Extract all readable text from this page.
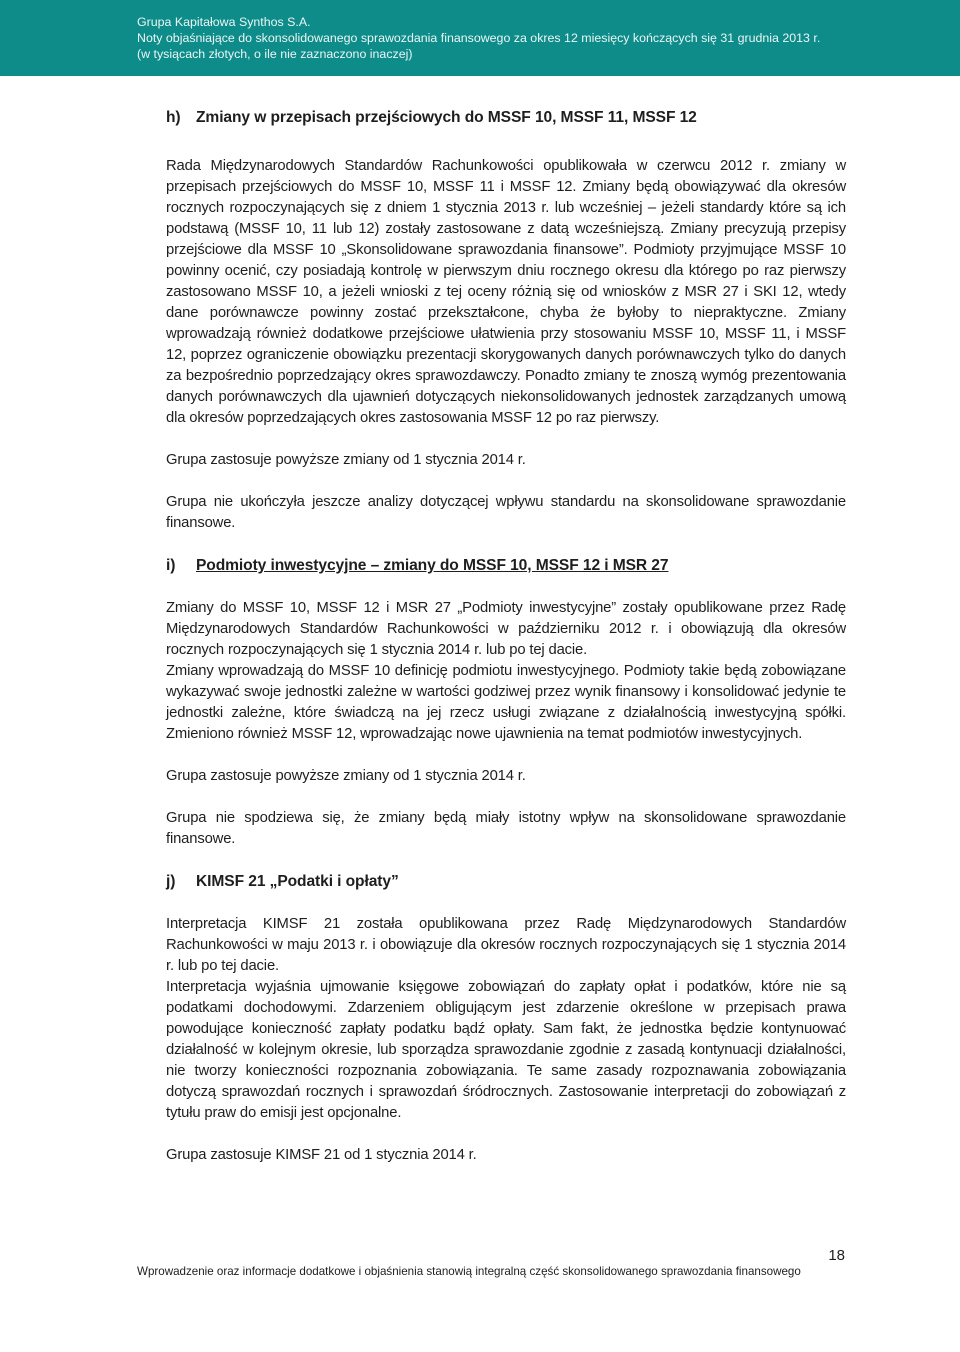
Grupa Kapitałowa Synthos S.A.
Noty objaśniające do skonsolidowanego sprawozdania finansowego za okres 12 miesięcy kończących się 31 grudnia 2013 r.
(w tysiącach złotych, o ile nie zaznaczono inaczej)

h) Zmiany w przepisach przejściowych do MSSF 10, MSSF 11, MSSF 12

Rada Międzynarodowych Standardów Rachunkowości opublikowała w czerwcu 2012 r. zmiany w przepisach przejściowych do MSSF 10, MSSF 11 i MSSF 12. Zmiany będą obowiązywać dla okresów rocznych rozpoczynających się z dniem 1 stycznia 2013 r. lub wcześniej – jeżeli standardy które są ich podstawą (MSSF 10, 11 lub 12) zostały zastosowane z datą wcześniejszą. Zmiany precyzują przepisy przejściowe dla MSSF 10 „Skonsolidowane sprawozdania finansowe”. Podmioty przyjmujące MSSF 10 powinny ocenić, czy posiadają kontrolę w pierwszym dniu rocznego okresu dla którego po raz pierwszy zastosowano MSSF 10, a jeżeli wnioski z tej oceny różnią się od wniosków z MSR 27 i SKI 12, wtedy dane porównawcze powinny zostać przekształcone, chyba że byłoby to niepraktyczne. Zmiany wprowadzają również dodatkowe przejściowe ułatwienia przy stosowaniu MSSF 10, MSSF 11, i MSSF 12, poprzez ograniczenie obowiązku prezentacji skorygowanych danych porównawczych tylko do danych za bezpośrednio poprzedzający okres sprawozdawczy. Ponadto zmiany te znoszą wymóg prezentowania danych porównawczych dla ujawnień dotyczących niekonsolidowanych jednostek zarządzanych umową dla okresów poprzedzających okres zastosowania MSSF 12 po raz pierwszy.

Grupa zastosuje powyższe zmiany od 1 stycznia 2014 r.

Grupa nie ukończyła jeszcze analizy dotyczącej wpływu standardu na skonsolidowane sprawozdanie finansowe.

i) Podmioty inwestycyjne – zmiany do MSSF 10, MSSF 12 i MSR 27

Zmiany do MSSF 10, MSSF 12 i MSR 27 „Podmioty inwestycyjne” zostały opublikowane przez Radę Międzynarodowych Standardów Rachunkowości w październiku 2012 r. i obowiązują dla okresów rocznych rozpoczynających się 1 stycznia 2014 r. lub po tej dacie.

Zmiany wprowadzają do MSSF 10 definicję podmiotu inwestycyjnego. Podmioty takie będą zobowiązane wykazywać swoje jednostki zależne w wartości godziwej przez wynik finansowy i konsolidować jedynie te jednostki zależne, które świadczą na jej rzecz usługi związane z działalnością inwestycyjną spółki. Zmieniono również MSSF 12, wprowadzając nowe ujawnienia na temat podmiotów inwestycyjnych.

Grupa zastosuje powyższe zmiany od 1 stycznia 2014 r.

Grupa nie spodziewa się, że zmiany będą miały istotny wpływ na skonsolidowane sprawozdanie finansowe.

j) KIMSF 21 „Podatki i opłaty”

Interpretacja KIMSF 21 została opublikowana przez Radę Międzynarodowych Standardów Rachunkowości w maju 2013 r. i obowiązuje dla okresów rocznych rozpoczynających się 1 stycznia 2014 r. lub po tej dacie.

Interpretacja wyjaśnia ujmowanie księgowe zobowiązań do zapłaty opłat i podatków, które nie są podatkami dochodowymi. Zdarzeniem obligującym jest zdarzenie określone w przepisach prawa powodujące konieczność zapłaty podatku bądź opłaty. Sam fakt, że jednostka będzie kontynuować działalność w kolejnym okresie, lub sporządza sprawozdanie zgodnie z zasadą kontynuacji działalności, nie tworzy konieczności rozpoznania zobowiązania. Te same zasady rozpoznawania zobowiązania dotyczą sprawozdań rocznych i sprawozdań śródrocznych. Zastosowanie interpretacji do zobowiązań z tytułu praw do emisji jest opcjonalne.

Grupa zastosuje KIMSF 21 od 1 stycznia 2014 r.

18
Wprowadzenie oraz informacje dodatkowe i objaśnienia stanowią integralną część skonsolidowanego sprawozdania finansowego
